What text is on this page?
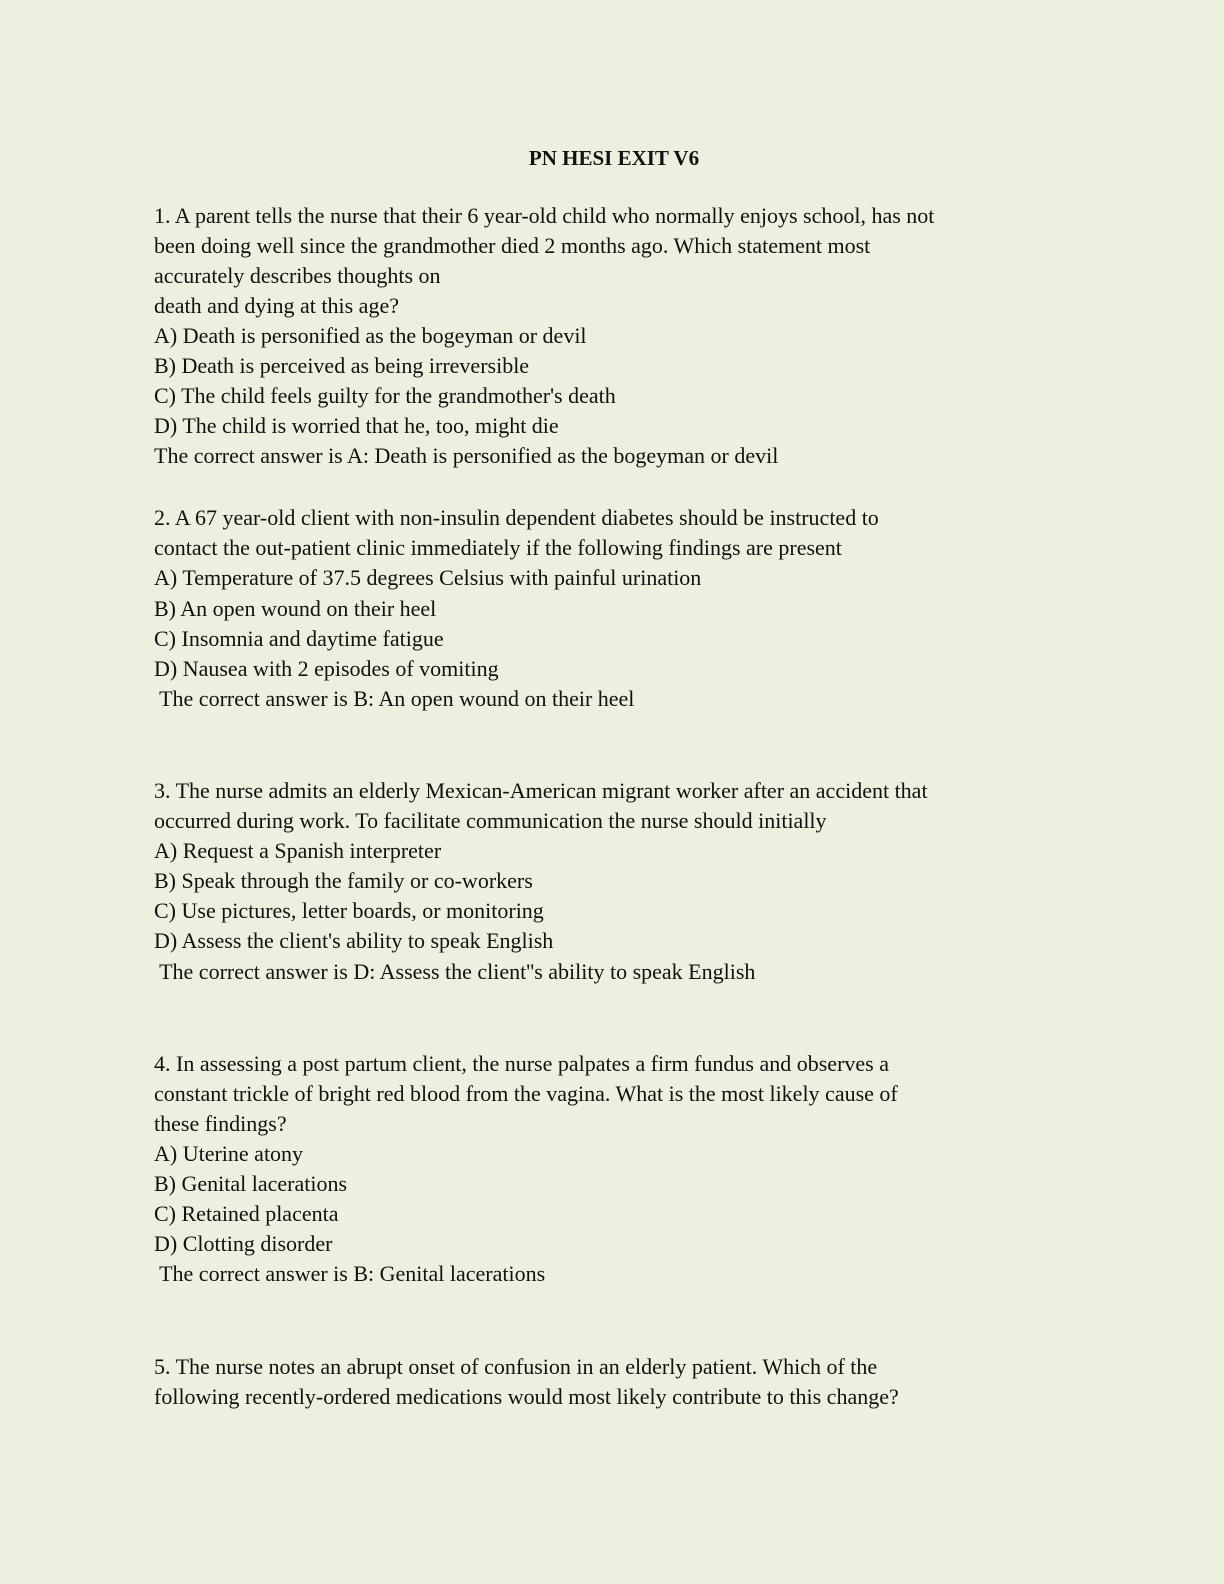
PN HESI EXIT V6

1. A parent tells the nurse that their 6 year-old child who normally enjoys school, has not

been doing well since the grandmother died 2 months ago. Which statement most

accurately describes thoughts on

death and dying at this age?

A) Death is personified as the bogeyman or devil

B) Death is perceived as being irreversible

C) The child feels guilty for the grandmother's death

D) The child is worried that he, too, might die

The correct answer is A: Death is personified as the bogeyman or devil

2. A 67 year-old client with non-insulin dependent diabetes should be instructed to

contact the out-patient clinic immediately if the following findings are present

A) Temperature of 37.5 degrees Celsius with painful urination

B) An open wound on their heel

C) Insomnia and daytime fatigue

D) Nausea with 2 episodes of vomiting

The correct answer is B: An open wound on their heel

3. The nurse admits an elderly Mexican-American migrant worker after an accident that

occurred during work. To facilitate communication the nurse should initially

A) Request a Spanish interpreter

B) Speak through the family or co-workers

C) Use pictures, letter boards, or monitoring

D) Assess the client's ability to speak English

The correct answer is D: Assess the client''s ability to speak English

4. In assessing a post partum client, the nurse palpates a firm fundus and observes a

constant trickle of bright red blood from the vagina. What is the most likely cause of

these findings?

A) Uterine atony

B) Genital lacerations

C) Retained placenta

D) Clotting disorder

The correct answer is B: Genital lacerations

5. The nurse notes an abrupt onset of confusion in an elderly patient. Which of the

following recently-ordered medications would most likely contribute to this change?
